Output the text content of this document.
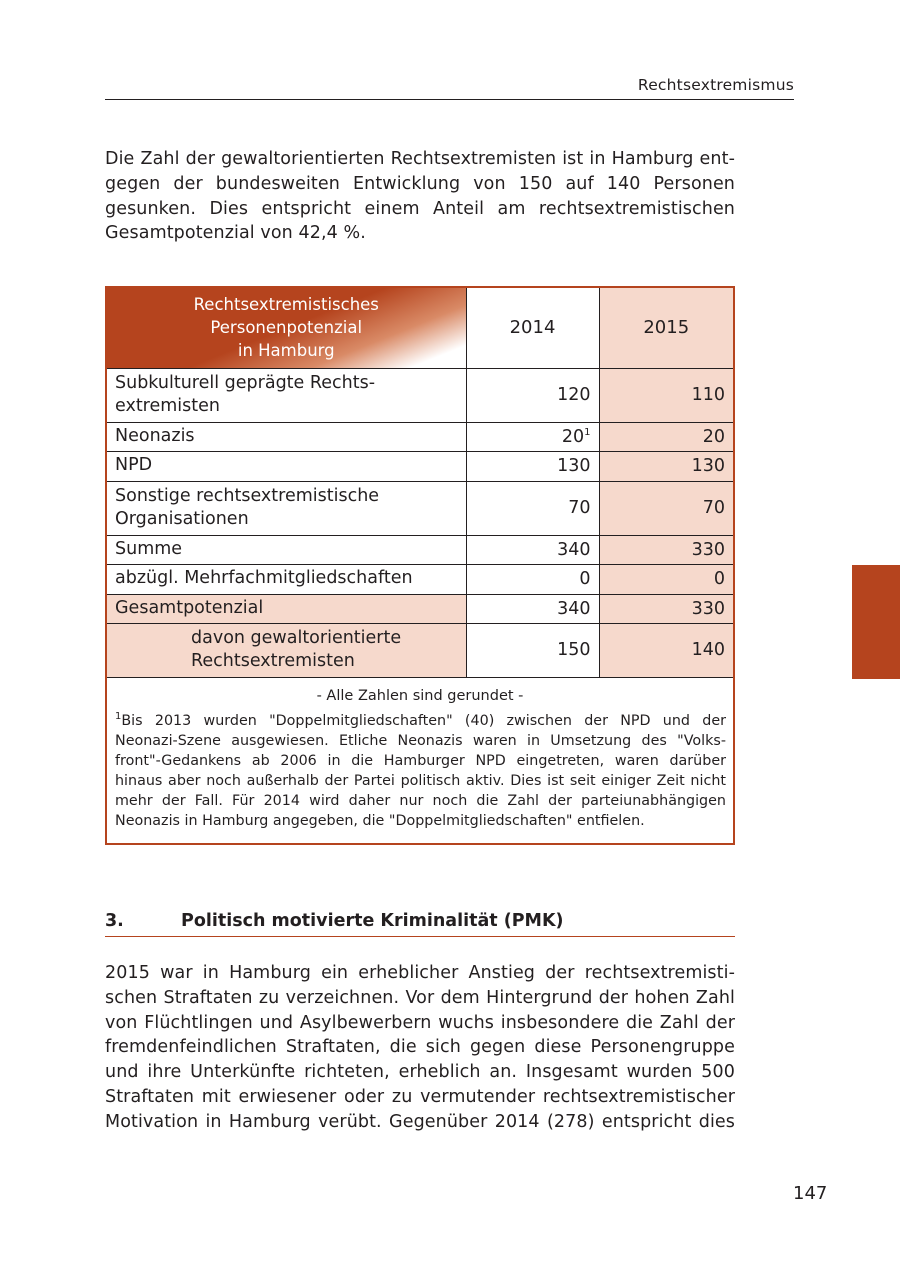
Rechtsextremismus

Die Zahl der gewaltorientierten Rechtsextremisten ist in Hamburg ent-
gegen der bundesweiten Entwicklung von 150 auf 140 Personen
gesunken. Dies entspricht einem Anteil am rechtsextremistischen
Gesamtpotenzial von 42,4 %.

Rechtsextremistisches
Personenpotenzial
in Hamburg	2014	2015

Subkulturell geprägte Rechts-
extremisten	120	110
Neonazis	$20^1$	20
NPD	130	130

Sonstige rechtsextremistische
Organisationen	70	70
Summe	340	330
abzügl. Mehrfachmitgliedschaften	0	0
Gesamtpotenzial	340	330

davon gewaltorientierte
Rechtsextremisten	150	140
- Alle Zahlen sind gerundet -
$^1$Bis 2013 wurden "Doppelmitgliedschaften" (40) zwischen der NPD und der
Neonazi-Szene ausgewiesen. Etliche Neonazis waren in Umsetzung des "Volks-
front"-Gedankens ab 2006 in die Hamburger NPD eingetreten, waren darüber
hinaus aber noch außerhalb der Partei politisch aktiv. Dies ist seit einiger Zeit nicht
mehr der Fall. Für 2014 wird daher nur noch die Zahl der parteiunabhängigen
Neonazis in Hamburg angegeben, die "Doppelmitgliedschaften" entfielen.
3.	Politisch motivierte Kriminalität (PMK)

2015 war in Hamburg ein erheblicher Anstieg der rechtsextremisti-
schen Straftaten zu verzeichnen. Vor dem Hintergrund der hohen Zahl
von Flüchtlingen und Asylbewerbern wuchs insbesondere die Zahl der
fremdenfeindlichen Straftaten, die sich gegen diese Personengruppe
und ihre Unterkünfte richteten, erheblich an. Insgesamt wurden 500
Straftaten mit erwiesener oder zu vermutender rechtsextremistischer
Motivation in Hamburg verübt. Gegenüber 2014 (278) entspricht dies

147
